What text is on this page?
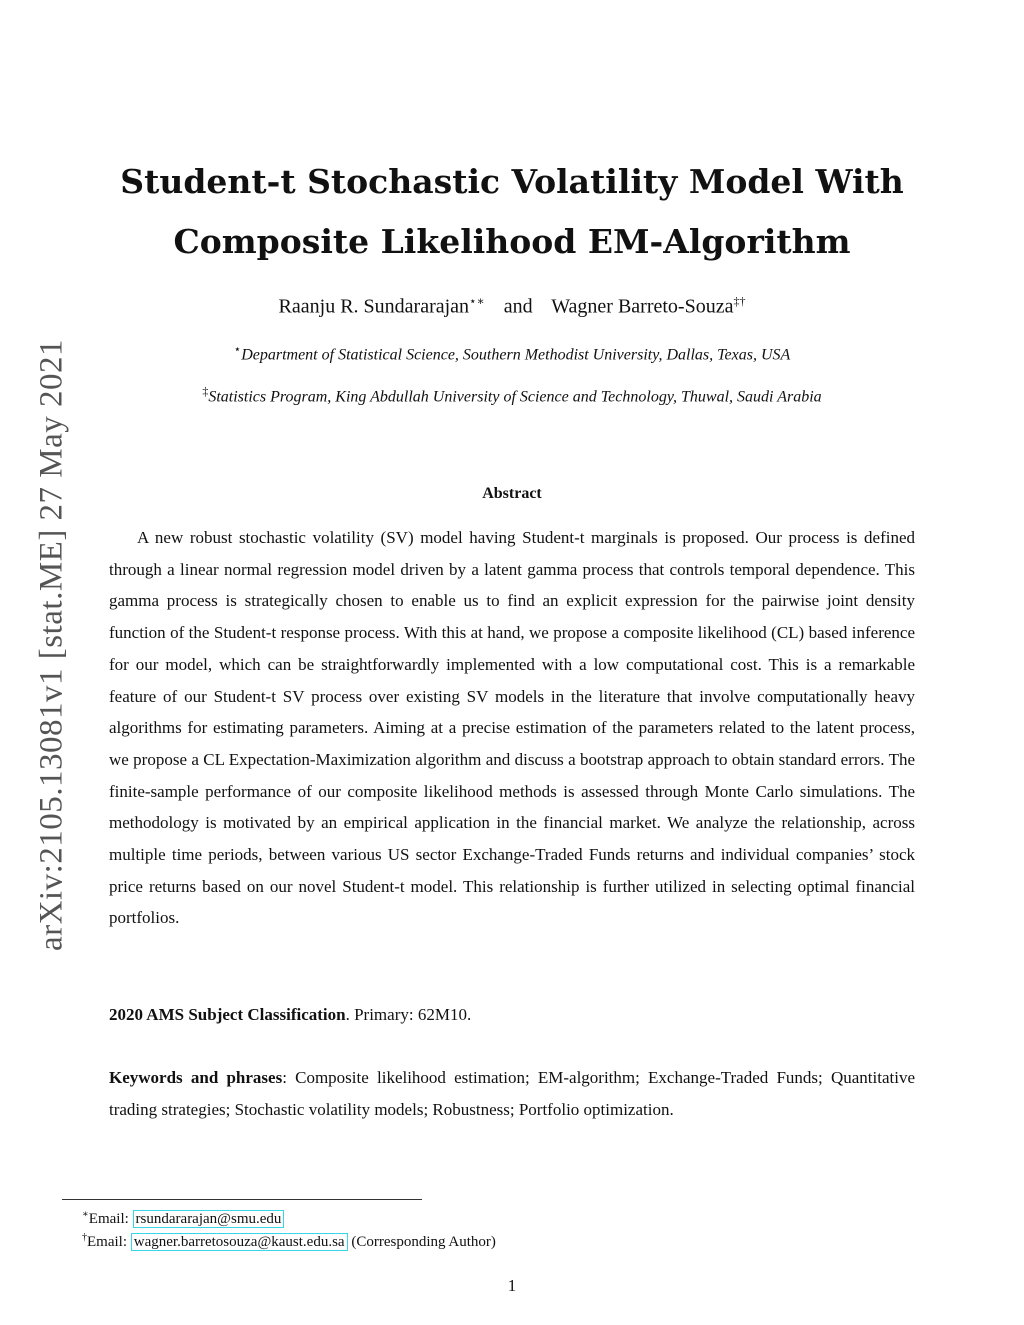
arXiv:2105.13081v1 [stat.ME] 27 May 2021
Student-t Stochastic Volatility Model With
Composite Likelihood EM-Algorithm
Raanju R. Sundararajan⋆∗ and Wagner Barreto-Souza‡†
⋆Department of Statistical Science, Southern Methodist University, Dallas, Texas, USA
‡Statistics Program, King Abdullah University of Science and Technology, Thuwal, Saudi Arabia
Abstract
A new robust stochastic volatility (SV) model having Student-t marginals is proposed. Our process is defined through a linear normal regression model driven by a latent gamma process that controls temporal dependence. This gamma process is strategically chosen to enable us to find an explicit expression for the pairwise joint density function of the Student-t response process. With this at hand, we propose a composite likelihood (CL) based inference for our model, which can be straightforwardly implemented with a low computational cost. This is a remarkable feature of our Student-t SV process over existing SV models in the literature that involve computationally heavy algorithms for estimating parameters. Aiming at a precise estimation of the parameters related to the latent process, we propose a CL Expectation-Maximization algorithm and discuss a bootstrap approach to obtain standard errors. The finite-sample performance of our composite likelihood methods is assessed through Monte Carlo simulations. The methodology is motivated by an empirical application in the financial market. We analyze the relationship, across multiple time periods, between various US sector Exchange-Traded Funds returns and individual companies’ stock price returns based on our novel Student-t model. This relationship is further utilized in selecting optimal financial portfolios.
2020 AMS Subject Classification. Primary: 62M10.
Keywords and phrases: Composite likelihood estimation; EM-algorithm; Exchange-Traded Funds; Quantitative trading strategies; Stochastic volatility models; Robustness; Portfolio optimization.
∗Email: rsundararajan@smu.edu
†Email: wagner.barretosouza@kaust.edu.sa (Corresponding Author)
1
